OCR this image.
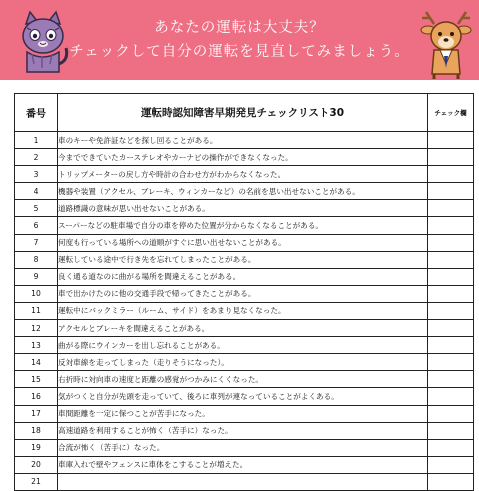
あなたの運転は大丈夫？
チェックして自分の運転を見直してみましょう。
番号	運転時認知障害早期発見チェックリスト30	チェック欄
1	車のキーや免許証などを探し回ることがある。	
2	今までできていたカーステレオやカーナビの操作ができなくなった。	
3	トリップメーターの戻し方や時計の合わせ方がわからなくなった。	
4	機器や装置（アクセル、ブレーキ、ウィンカーなど）の名前を思い出せないことがある。	
5	道路標識の意味が思い出せないことがある。	
6	スーパーなどの駐車場で自分の車を停めた位置が分からなくなることがある。	
7	何度も行っている場所への道順がすぐに思い出せないことがある。	
8	運転している途中で行き先を忘れてしまったことがある。	
9	良く通る道なのに曲がる場所を間違えることがある。	
10	車で出かけたのに他の交通手段で帰ってきたことがある。	
11	運転中にバックミラー（ルーム、サイド）をあまり見なくなった。	
12	アクセルとブレーキを間違えることがある。	
13	曲がる際にウインカーを出し忘れることがある。	
14	反対車線を走ってしまった（走りそうになった）。	
15	右折時に対向車の速度と距離の感覚がつかみにくくなった。	
16	気がつくと自分が先頭を走っていて、後ろに車列が連なっていることがよくある。	
17	車間距離を一定に保つことが苦手になった。	
18	高速道路を利用することが怖く（苦手に）なった。	
19	合流が怖く（苦手に）なった。	
20	車庫入れで壁やフェンスに車体をこすることが増えた。	
21		
